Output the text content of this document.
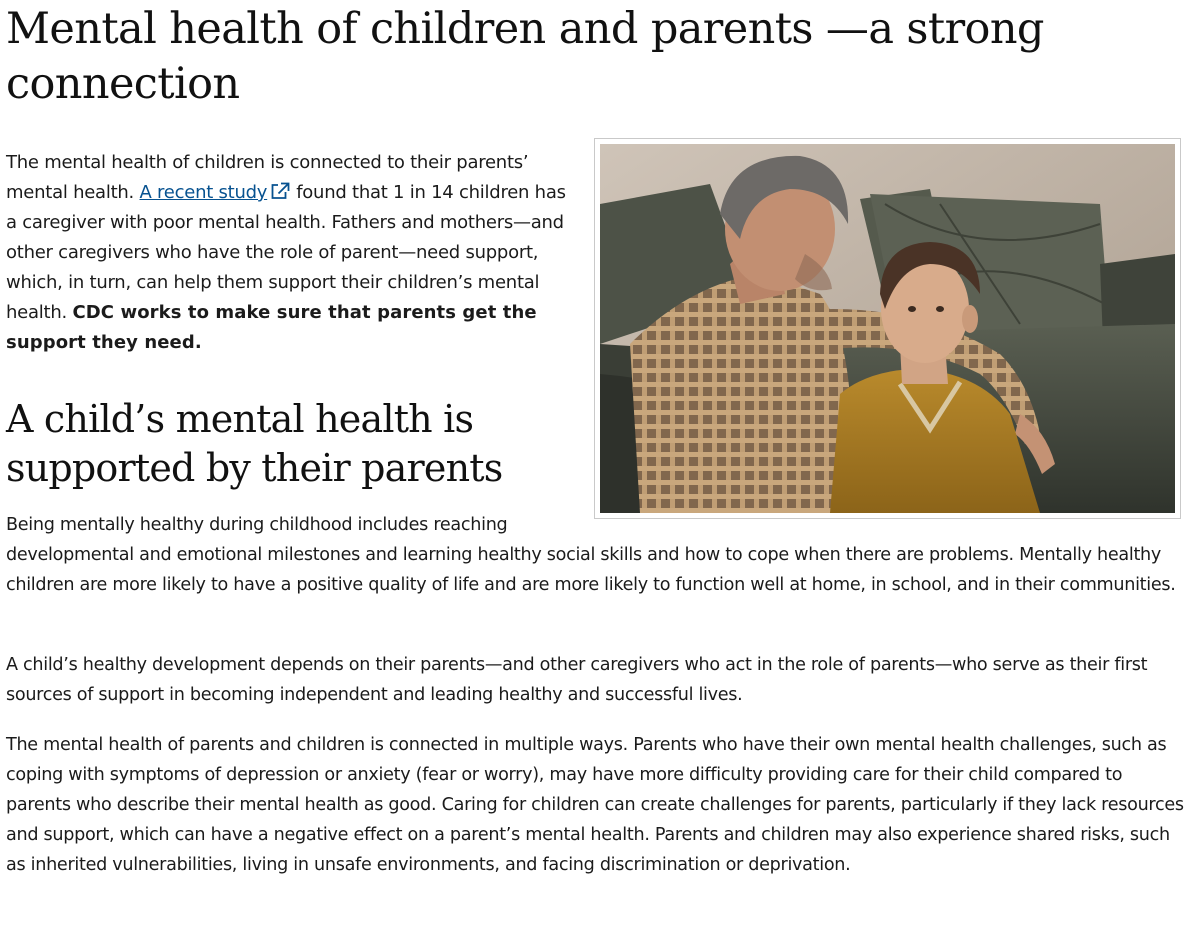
Mental health of children and parents —a strong connection

The mental health of children is connected to their parents’ mental health. A recent study found that 1 in 14 children has a caregiver with poor mental health. Fathers and mothers—and other caregivers who have the role of parent—need support, which, in turn, can help them support their children’s mental health. CDC works to make sure that parents get the support they need.

A child’s mental health is supported by their parents

Being mentally healthy during childhood includes reaching

developmental and emotional milestones and learning healthy social skills and how to cope when there are problems. Mentally healthy children are more likely to have a positive quality of life and are more likely to function well at home, in school, and in their communities.

A child’s healthy development depends on their parents—and other caregivers who act in the role of parents—who serve as their first sources of support in becoming independent and leading healthy and successful lives.

The mental health of parents and children is connected in multiple ways. Parents who have their own mental health challenges, such as coping with symptoms of depression or anxiety (fear or worry), may have more difficulty providing care for their child compared to parents who describe their mental health as good. Caring for children can create challenges for parents, particularly if they lack resources and support, which can have a negative effect on a parent’s mental health. Parents and children may also experience shared risks, such as inherited vulnerabilities, living in unsafe environments, and facing discrimination or deprivation.
